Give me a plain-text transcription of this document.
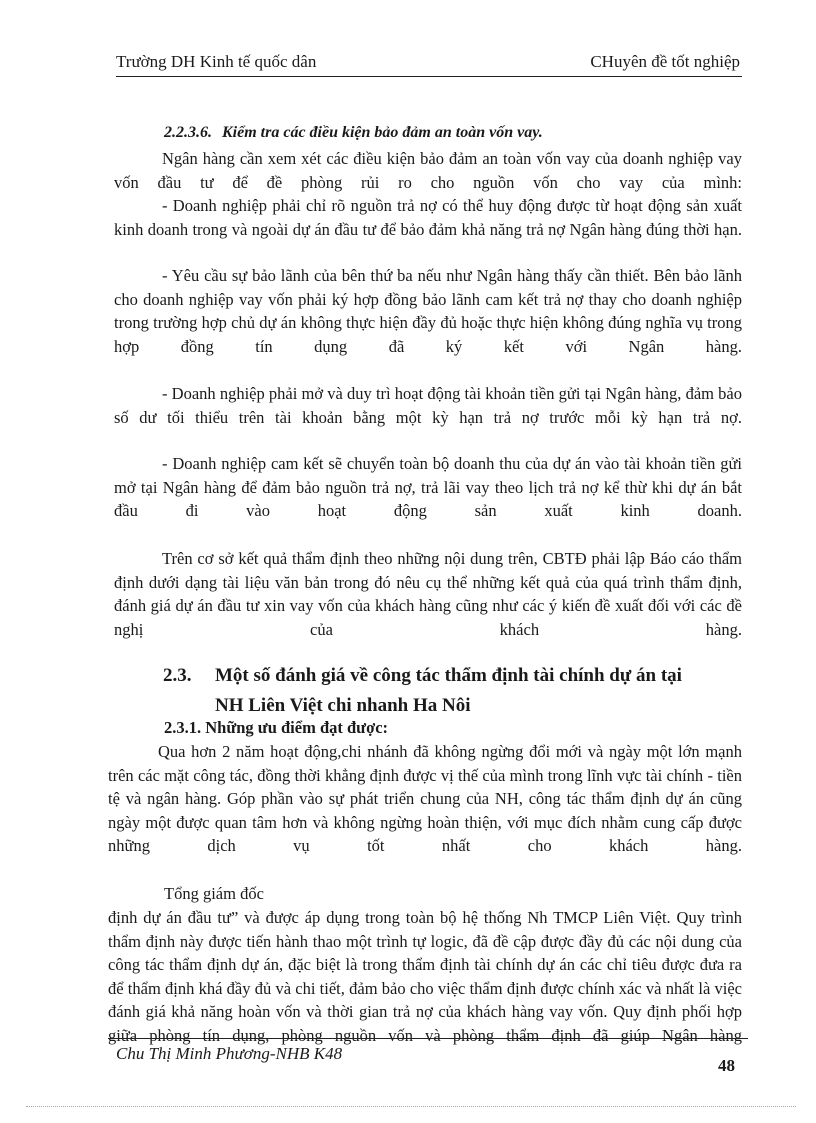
Trường DH Kinh tế quốc dân	CHuyên đề tốt nghiệp
2.2.3.6. Kiểm tra các điều kiện bảo đảm an toàn vốn vay.

Ngân hàng cần xem xét các điều kiện bảo đảm an toàn vốn vay của doanh nghiệp vay vốn đầu tư để đề phòng rủi ro cho nguồn vốn cho vay của mình:

- Doanh nghiệp phải chỉ rõ nguồn trả nợ có thể huy động được từ hoạt động sản xuất kinh doanh trong và ngoài dự án đầu tư để bảo đảm khả năng trả nợ Ngân hàng đúng thời hạn.

- Yêu cầu sự bảo lãnh của bên thứ ba nếu như Ngân hàng thấy cần thiết. Bên bảo lãnh cho doanh nghiệp vay vốn phải ký hợp đồng bảo lãnh cam kết trả nợ thay cho doanh nghiệp trong trường hợp chủ dự án không thực hiện đầy đủ hoặc thực hiện không đúng nghĩa vụ trong hợp đồng tín dụng đã ký kết với Ngân hàng.

- Doanh nghiệp phải mở và duy trì hoạt động tài khoản tiền gửi tại Ngân hàng, đảm bảo số dư tối thiểu trên tài khoản bằng một kỳ hạn trả nợ trước mỗi kỳ hạn trả nợ.

- Doanh nghiệp cam kết sẽ chuyển toàn bộ doanh thu của dự án vào tài khoản tiền gửi mở tại Ngân hàng để đảm bảo nguồn trả nợ, trả lãi vay theo lịch trả nợ kể thừ khi dự án bắt đầu đi vào hoạt động sản xuất kinh doanh.

Trên cơ sở kết quả thẩm định theo những nội dung trên, CBTĐ phải lập Báo cáo thẩm định dưới dạng tài liệu văn bản trong đó nêu cụ thể những kết quả của quá trình thẩm định, đánh giá dự án đầu tư xin vay vốn của khách hàng cũng như các ý kiến đề xuất đối với các đề nghị của khách hàng.

2.3. Một số đánh giá về công tác thẩm định tài chính dự án tại
NH Liên Việt chi nhanh Ha Nôi
2.3.1. Những ưu điểm đạt được:

Qua hơn 2 năm hoạt động,chi nhánh đã không ngừng đổi mới và ngày một lớn mạnh trên các mặt công tác, đồng thời khẳng định được vị thế của mình trong lĩnh vực tài chính - tiền tệ và ngân hàng. Góp phần vào sự phát triển chung của NH, công tác thẩm định dự án cũng ngày một được quan tâm hơn và không ngừng hoàn thiện, với mục đích nhằm cung cấp được những dịch vụ tốt nhất cho khách hàng.

Tổng giám đốc

định dự án đầu tư” và được áp dụng trong toàn bộ hệ thống Nh TMCP Liên Việt. Quy trình thẩm định này được tiến hành thao một trình tự logic, đã đề cập được đầy đủ các nội dung của công tác thẩm định dự án, đặc biệt là trong thẩm định tài chính dự án các chỉ tiêu được đưa ra để thẩm định khá đầy đủ và chi tiết, đảm bảo cho việc thẩm định được chính xác và nhất là việc đánh giá khả năng hoàn vốn và thời gian trả nợ của khách hàng vay vốn. Quy định phối hợp giữa phòng tín dụng, phòng nguồn vốn và phòng thẩm định đã giúp Ngân hàng

Chu Thị Minh Phương-NHB K48
48
